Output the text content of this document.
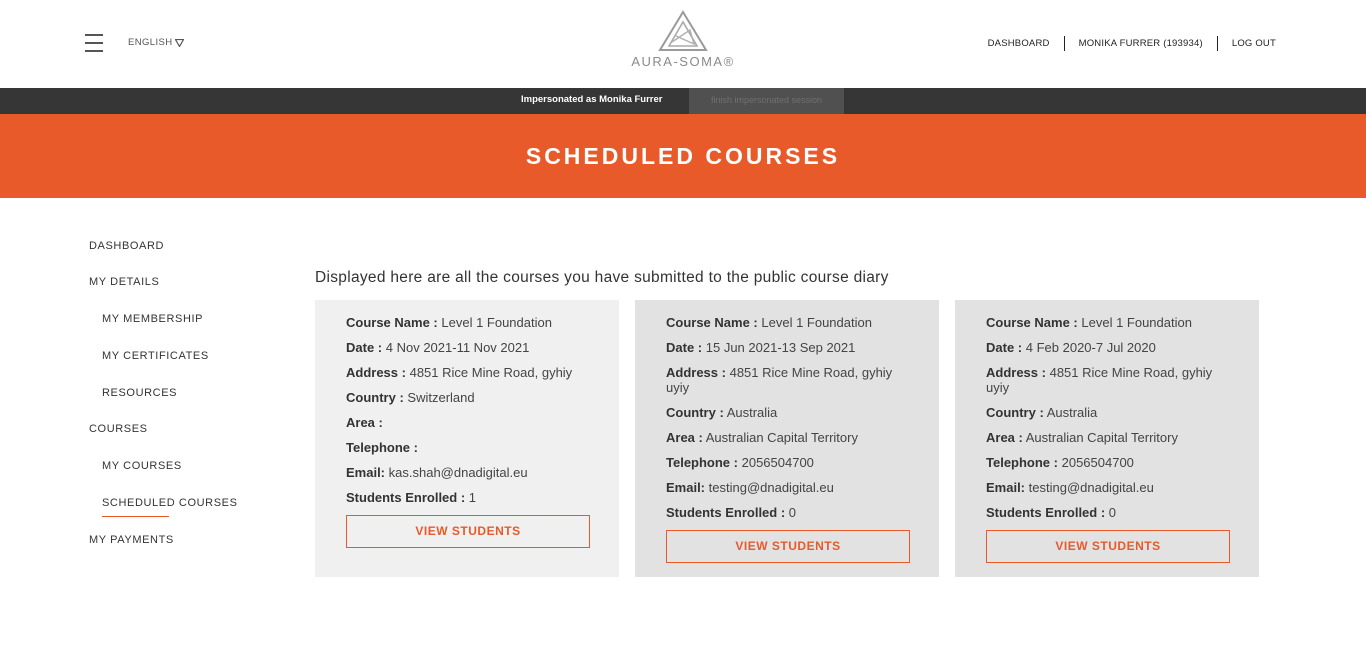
ENGLISH
AURA-SOMA®
DASHBOARD	MONIKA FURRER (193934)	LOG OUT
Impersonated as Monika Furrer	finish impersonated session
SCHEDULED COURSES
DASHBOARD
MY DETAILS
MY MEMBERSHIP
MY CERTIFICATES
RESOURCES
COURSES
MY COURSES
SCHEDULED COURSES
MY PAYMENTS
Displayed here are all the courses you have submitted to the public course diary
Course Name : Level 1 Foundation
Date : 4 Nov 2021-11 Nov 2021
Address : 4851 Rice Mine Road, gyhiy
Country : Switzerland
Area :
Telephone :
Email: kas.shah@dnadigital.eu
Students Enrolled : 1
VIEW STUDENTS
Course Name : Level 1 Foundation
Date : 15 Jun 2021-13 Sep 2021
Address : 4851 Rice Mine Road, gyhiy uyiy
Country : Australia
Area : Australian Capital Territory
Telephone : 2056504700
Email: testing@dnadigital.eu
Students Enrolled : 0
VIEW STUDENTS
Course Name : Level 1 Foundation
Date : 4 Feb 2020-7 Jul 2020
Address : 4851 Rice Mine Road, gyhiy uyiy
Country : Australia
Area : Australian Capital Territory
Telephone : 2056504700
Email: testing@dnadigital.eu
Students Enrolled : 0
VIEW STUDENTS
